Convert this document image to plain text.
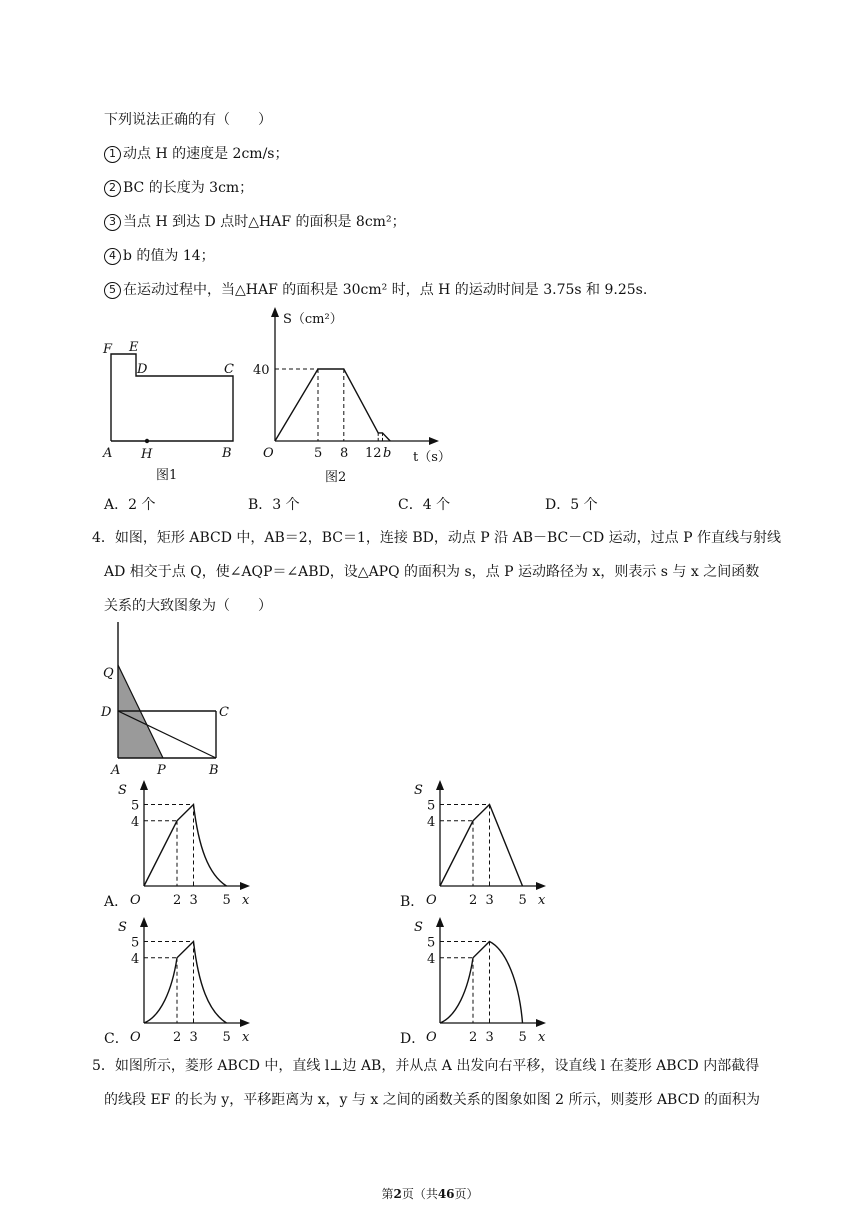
下列说法正确的有（　　）
1 动点 H 的速度是 2cm/s；
2 BC 的长度为 3cm；
3 当点 H 到达 D 点时△HAF 的面积是 8cm²；
4 b 的值为 14；
5 在运动过程中，当△HAF 的面积是 30cm² 时，点 H 的运动时间是 3.75s 和 9.25s.
F E
D	C
A H	B
图1
S（cm²）
t（s）
O
40
5 8 12 b
图2
A．2 个	B．3 个	C．4 个	D．5 个
4．如图，矩形 ABCD 中，AB＝2，BC＝1，连接 BD，动点 P 沿 AB－BC－CD 运动，过点 P 作直线与射线
AD 相交于点 Q，使∠AQP＝∠ABD，设△APQ 的面积为 s，点 P 运动路径为 x，则表示 s 与 x 之间函数
关系的大致图象为（　　）
Q
D	C
A	P	B
A．	B．
C．	D．
S
x
O
5
4
2 3 5
S
x
O
5
4
2 3 5
S
x
O
5
4
2 3 5
S
x
O
5
4
2 3 5
5．如图所示，菱形 ABCD 中，直线 l⊥边 AB，并从点 A 出发向右平移，设直线 l 在菱形 ABCD 内部截得
的线段 EF 的长为 y，平移距离为 x，y 与 x 之间的函数关系的图象如图 2 所示，则菱形 ABCD 的面积为
第2页（共46页）
